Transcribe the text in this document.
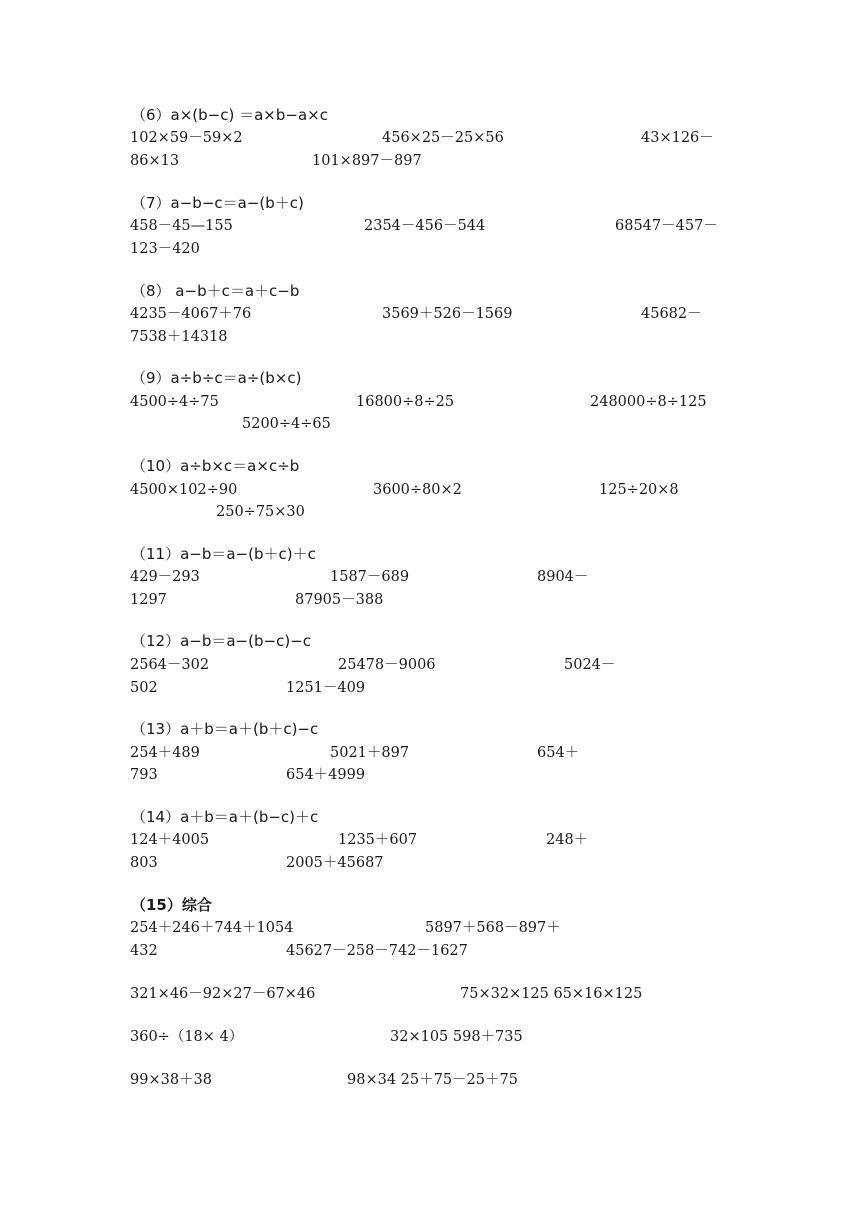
（6）a×(b−c) ＝a×b−a×c
102×59－59×2	456×25－25×56	43×126－
86×13	101×897－897
（7）a−b−c＝a−(b＋c)
458－45—155	2354－456－544	68547－457－
123－420
（8） a−b＋c＝a＋c−b
4235－4067＋76	3569＋526－1569	45682－
7538＋14318
（9）a÷b÷c＝a÷(b×c)
4500÷4÷75	16800÷8÷25	248000÷8÷125
5200÷4÷65
（10）a÷b×c＝a×c÷b
4500×102÷90	3600÷80×2	125÷20×8
250÷75×30
（11）a−b＝a−(b＋c)＋c
429－293	1587－689	8904－
1297	87905－388
（12）a−b＝a−(b−c)−c
2564－302	25478－9006	5024－
502	1251－409
（13）a＋b＝a＋(b＋c)−c
254＋489	5021＋897	654＋
793	654＋4999
（14）a＋b＝a＋(b−c)＋c
124＋4005	1235＋607	248＋
803	2005＋45687
（15）综合
254＋246＋744＋1054	5897＋568－897＋
432	45627－258－742－1627
321×46－92×27－67×46	75×32×125 65×16×125
360÷（18× 4）	32×105 598＋735
99×38＋38	98×34 25＋75－25＋75
